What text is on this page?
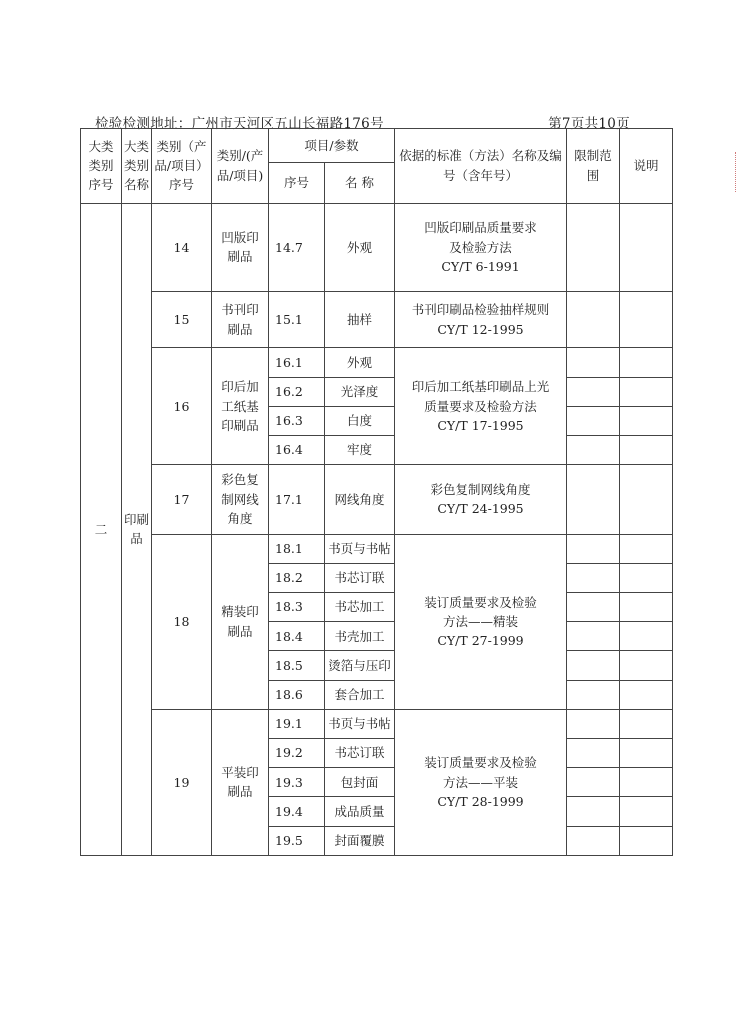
检验检测地址：广州市天河区五山长福路176号	第7页共10页
大类类别序号	大类类别名称	类别（产品/项目）序号	类别/(产品/项目)	项目/参数		依据的标准（方法）名称及编号（含年号）	限制范围	说明
				序号	名 称			
二	印刷品	14	凹版印刷品	14.7	外观	凹版印刷品质量要求
及检验方法
CY/T 6-1991		

		15	书刊印刷品	15.1	抽样	书刊印刷品检验抽样规则
CY/T 12-1995		

		16	印后加工纸基印刷品	16.1	外观	印后加工纸基印刷品上光
质量要求及检验方法
CY/T 17-1995		

				16.2	光泽度			
				16.3	白度			
				16.4	牢度			
		17	彩色复制网线角度	17.1	网线角度	彩色复制网线角度
CY/T 24-1995		

		18	精装印刷品	18.1	书页与书帖	装订质量要求及检验
方法——精装
CY/T 27-1999		

				18.2	书芯订联			
				18.3	书芯加工			
				18.4	书壳加工			
				18.5	烫箔与压印			
				18.6	套合加工			
		19	平装印刷品	19.1	书页与书帖	装订质量要求及检验
方法——平装
CY/T 28-1999		

				19.2	书芯订联			
				19.3	包封面			
				19.4	成品质量			
				19.5	封面覆膜			
